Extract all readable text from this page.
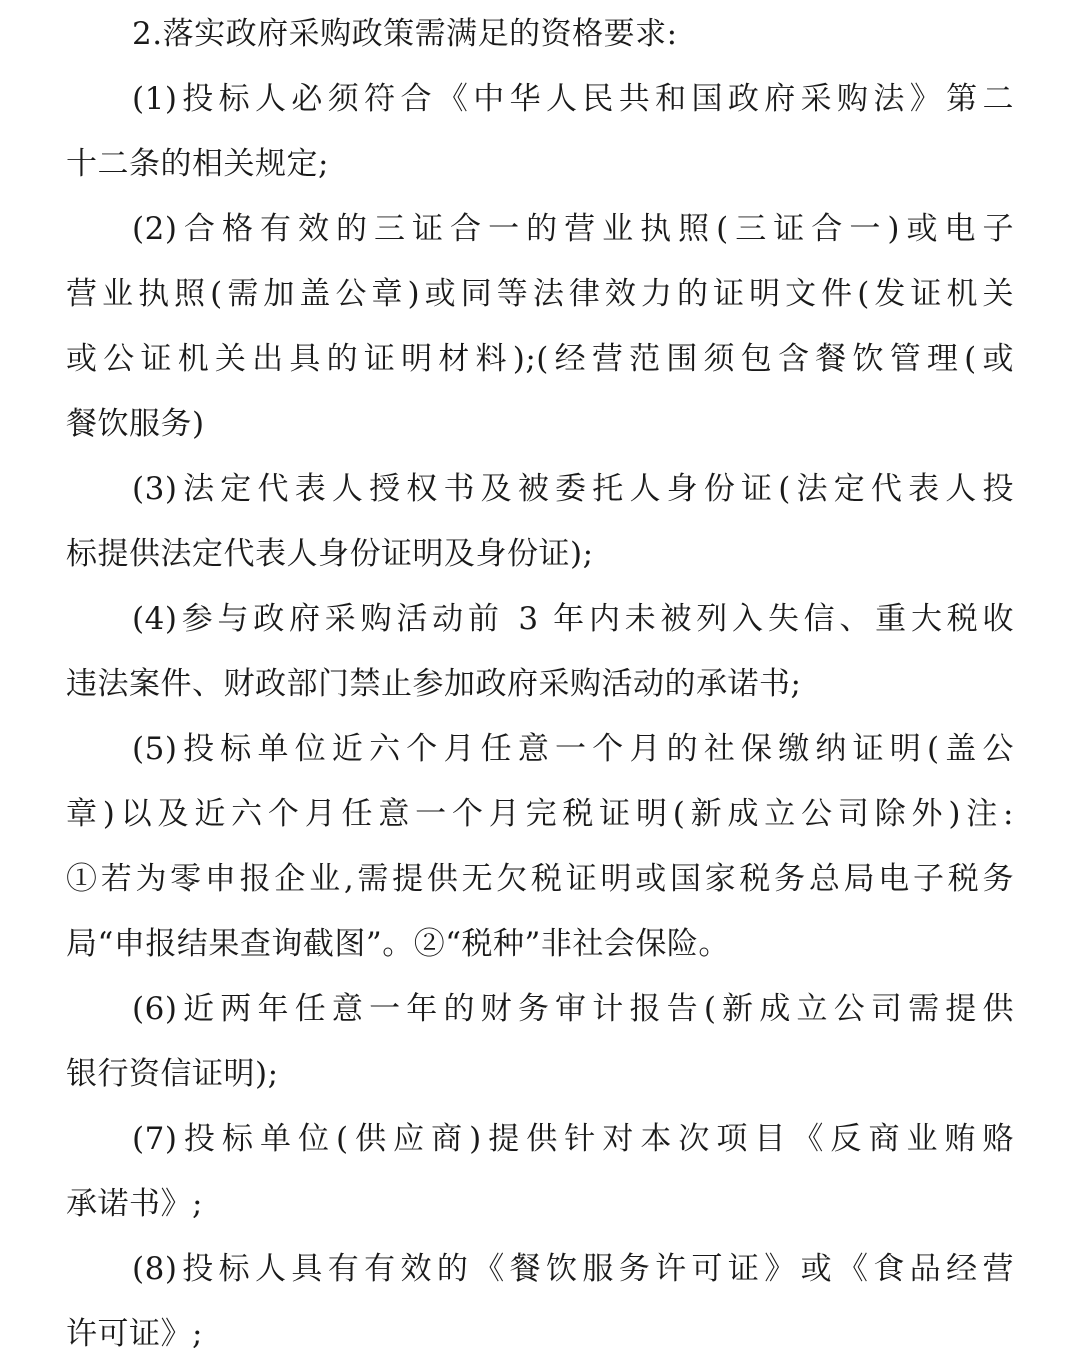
2.落实政府采购政策需满足的资格要求:
(1)投标人必须符合《中华人民共和国政府采购法》第二
十二条的相关规定;
(2)合格有效的三证合一的营业执照(三证合一)或电子
营业执照(需加盖公章)或同等法律效力的证明文件(发证机关
或公证机关出具的证明材料);(经营范围须包含餐饮管理(或
餐饮服务)
(3)法定代表人授权书及被委托人身份证(法定代表人投
标提供法定代表人身份证明及身份证);
(4)参与政府采购活动前 3 年内未被列入失信、重大税收
违法案件、财政部门禁止参加政府采购活动的承诺书;
(5)投标单位近六个月任意一个月的社保缴纳证明(盖公
章)以及近六个月任意一个月完税证明(新成立公司除外)注:
①若为零申报企业,需提供无欠税证明或国家税务总局电子税务
局“申报结果查询截图”。②“税种”非社会保险。
(6)近两年任意一年的财务审计报告(新成立公司需提供
银行资信证明);
(7)投标单位(供应商)提供针对本次项目《反商业贿赂
承诺书》;
(8)投标人具有有效的《餐饮服务许可证》或《食品经营
许可证》;
